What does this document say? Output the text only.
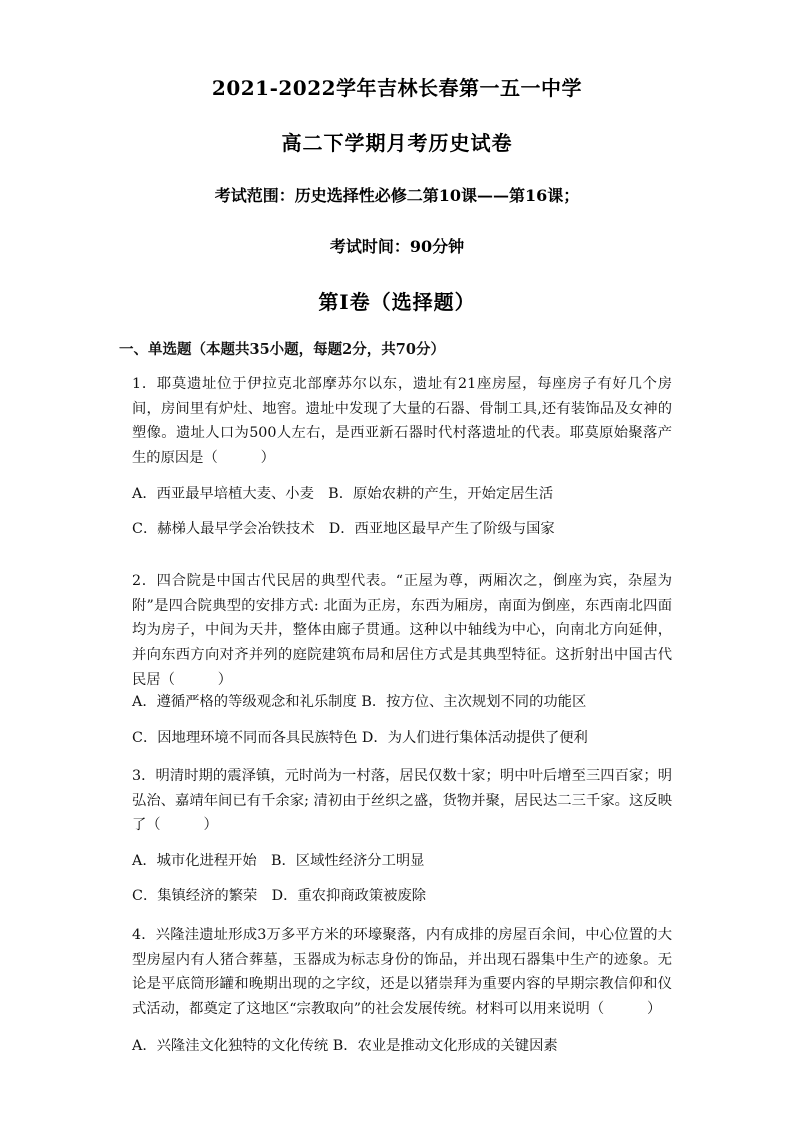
2021-2022学年吉林长春第一五一中学
高二下学期月考历史试卷
考试范围：历史选择性必修二第10课——第16课；
考试时间：90分钟
第Ⅰ卷（选择题）
一、单选题（本题共35小题，每题2分，共70分）
1．耶莫遗址位于伊拉克北部摩苏尔以东，遗址有21座房屋，每座房子有好几个房间，房间里有炉灶、地窖。遗址中发现了大量的石器、骨制工具,还有装饰品及女神的塑像。遗址人口为500人左右，是西亚新石器时代村落遗址的代表。耶莫原始聚落产生的原因是（　　　）
A．西亚最早培植大麦、小麦　B．原始农耕的产生，开始定居生活
C．赫梯人最早学会冶铁技术　D．西亚地区最早产生了阶级与国家
2．四合院是中国古代民居的典型代表。“正屋为尊，两厢次之，倒座为宾，杂屋为附”是四合院典型的安排方式: 北面为正房，东西为厢房，南面为倒座，东西南北四面均为房子，中间为天井，整体由廊子贯通。这种以中轴线为中心，向南北方向延伸，并向东西方向对齐并列的庭院建筑布局和居住方式是其典型特征。这折射出中国古代民居（　　　）
A．遵循严格的等级观念和礼乐制度 B．按方位、主次规划不同的功能区
C．因地理环境不同而各具民族特色 D．为人们进行集体活动提供了便利
3．明清时期的震泽镇，元时尚为一村落，居民仅数十家；明中叶后增至三四百家；明弘治、嘉靖年间已有千余家; 清初由于丝织之盛，货物并聚，居民达二三千家。这反映了（　　　）
A．城市化进程开始　B．区域性经济分工明显
C．集镇经济的繁荣　D．重农抑商政策被废除
4．兴隆洼遗址形成3万多平方米的环壕聚落，内有成排的房屋百余间，中心位置的大型房屋内有人猪合葬墓，玉器成为标志身份的饰品，并出现石器集中生产的迹象。无论是平底筒形罐和晚期出现的之字纹，还是以猪崇拜为重要内容的早期宗教信仰和仪式活动，都奠定了这地区“宗教取向”的社会发展传统。材料可以用来说明（　　　）
A．兴隆洼文化独特的文化传统 B．农业是推动文化形成的关键因素
